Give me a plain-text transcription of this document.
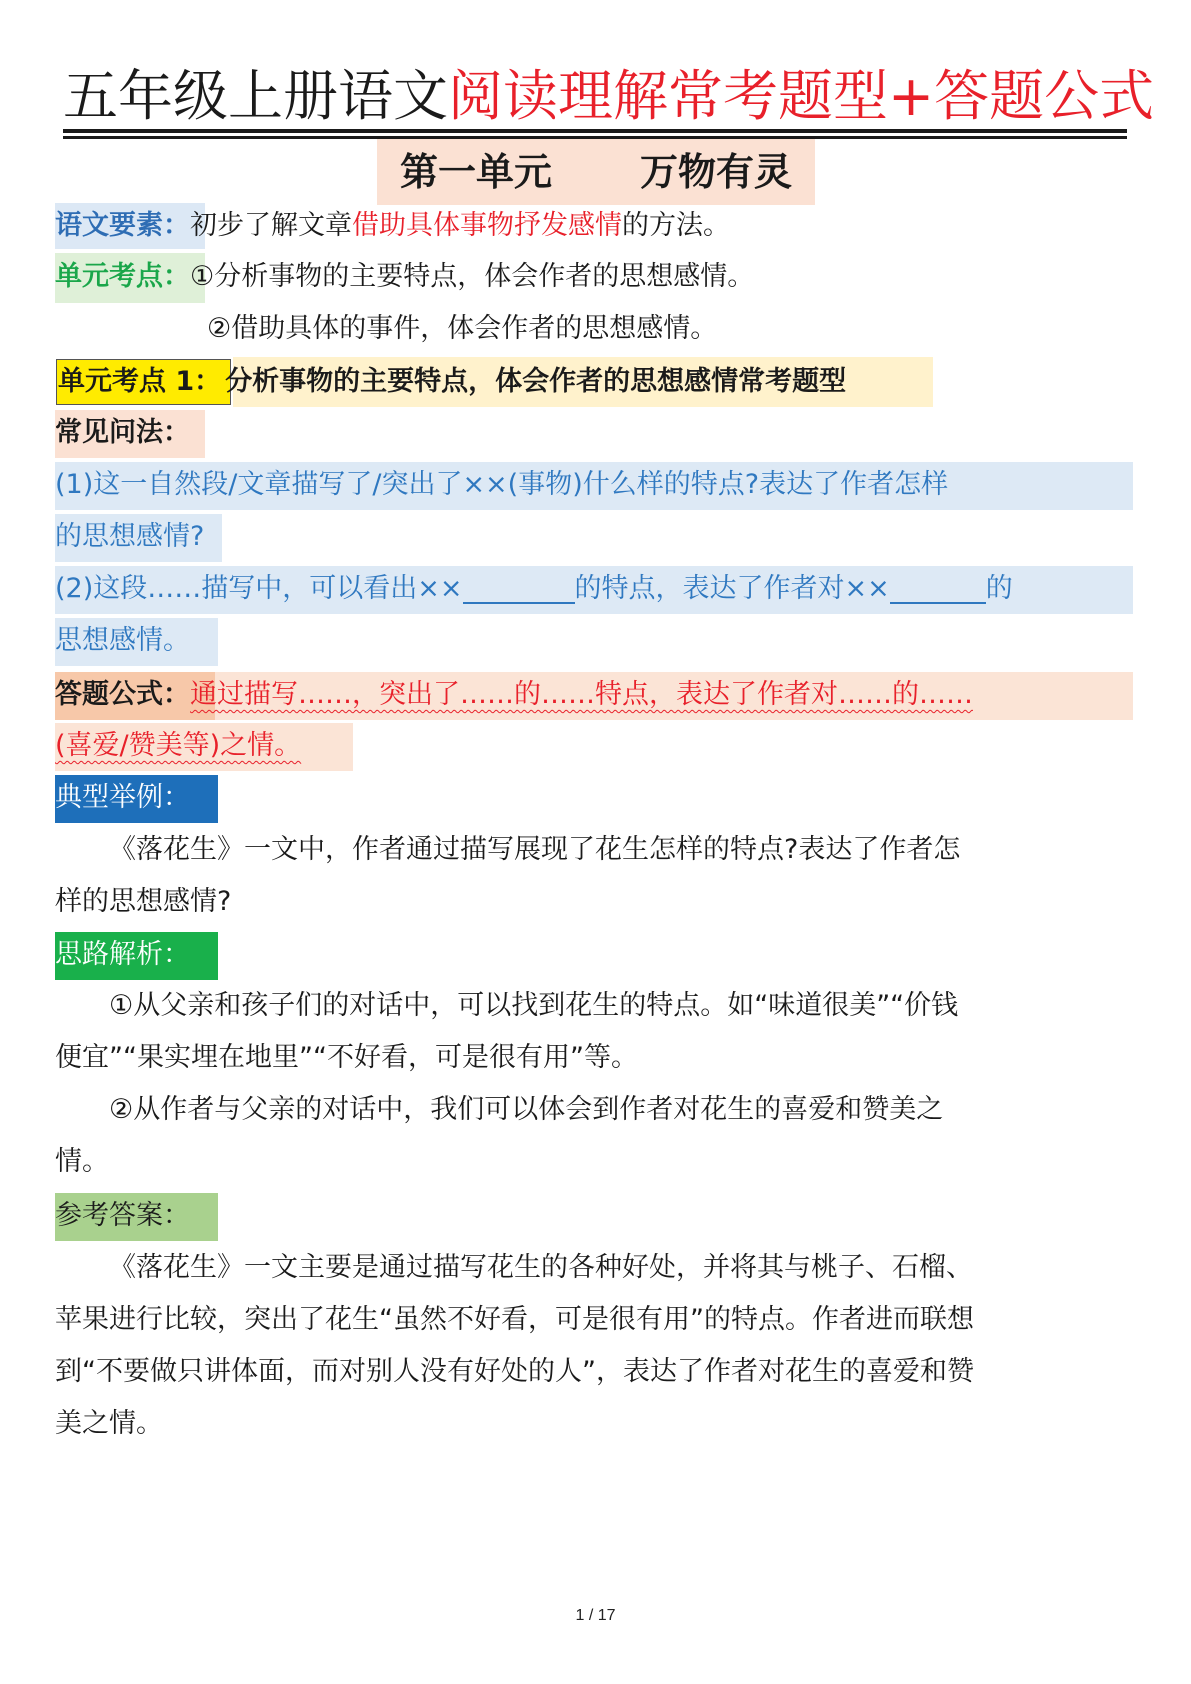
五年级上册语文阅读理解常考题型+答题公式
第一单元 万物有灵
语文要素：初步了解文章借助具体事物抒发感情的方法。
单元考点：①分析事物的主要特点，体会作者的思想感情。
②借助具体的事件，体会作者的思想感情。
单元考点 1： 分析事物的主要特点，体会作者的思想感情常考题型
常见问法：
(1)这一自然段/文章描写了/突出了××(事物)什么样的特点?表达了作者怎样
的思想感情?
(2)这段……描写中，可以看出××	的特点，表达了作者对××	的
思想感情。
答题公式：通过描写……，突出了……的……特点，表达了作者对……的……
(喜爱/赞美等)之情。
典型举例：
《落花生》一文中，作者通过描写展现了花生怎样的特点?表达了作者怎
样的思想感情?
思路解析：
①从父亲和孩子们的对话中，可以找到花生的特点。如“味道很美”“价钱
便宜”“果实埋在地里”“不好看，可是很有用”等。
②从作者与父亲的对话中，我们可以体会到作者对花生的喜爱和赞美之
情。
参考答案：
《落花生》一文主要是通过描写花生的各种好处，并将其与桃子、石榴、
苹果进行比较，突出了花生“虽然不好看，可是很有用”的特点。作者进而联想
到“不要做只讲体面，而对别人没有好处的人”，表达了作者对花生的喜爱和赞
美之情。
1 / 17
